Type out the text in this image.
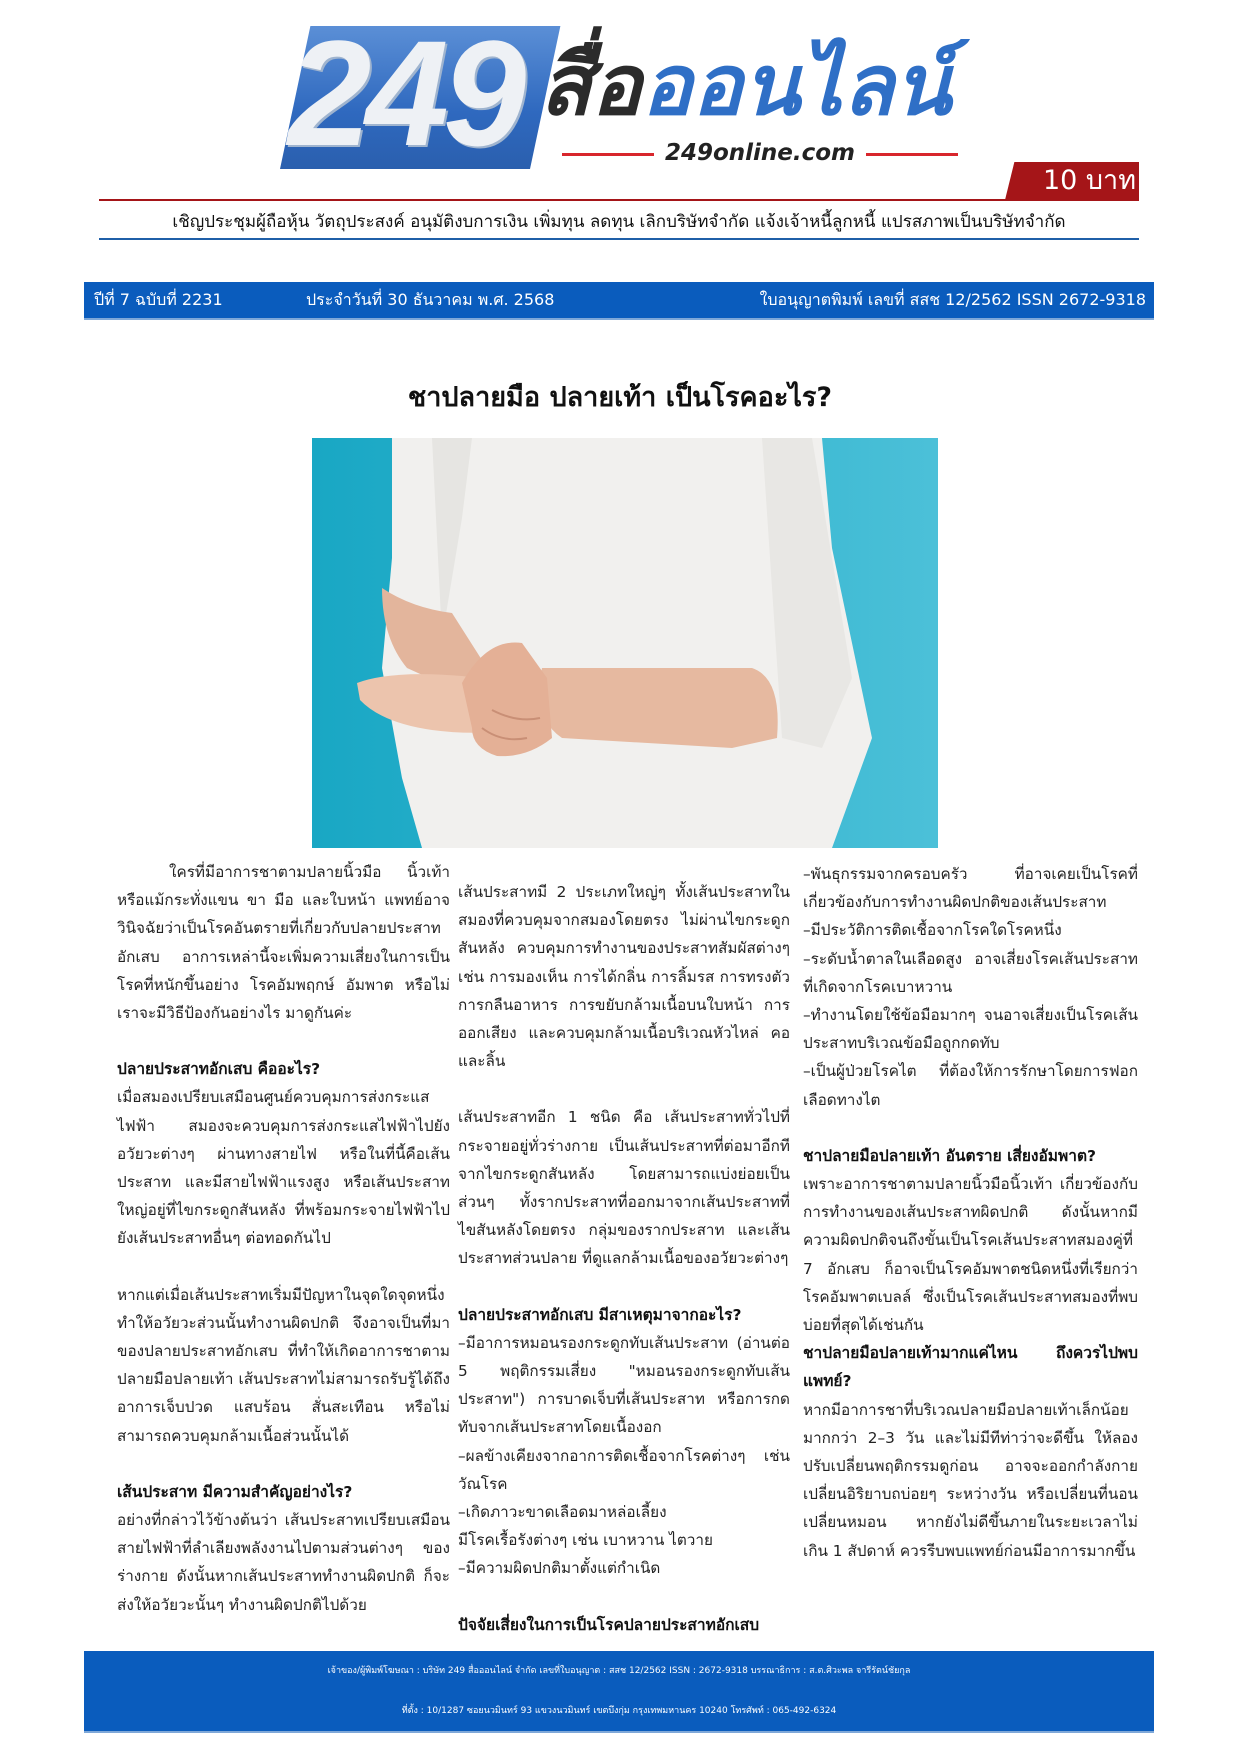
249 สื่อออนไลน์
249online.com
10 บาท
เชิญประชุมผู้ถือหุ้น วัตถุประสงค์ อนุมัติงบการเงิน เพิ่มทุน ลดทุน เลิกบริษัทจำกัด แจ้งเจ้าหนี้ลูกหนี้ แปรสภาพเป็นบริษัทจำกัด
ปีที่ 7 ฉบับที่ 2231	ประจำวันที่ 30 ธันวาคม พ.ศ. 2568	ใบอนุญาตพิมพ์ เลขที่ สสช 12/2562 ISSN 2672-9318
ชาปลายมือ ปลายเท้า เป็นโรคอะไร?

ใครที่มีอาการชาตามปลายนิ้วมือ นิ้วเท้า หรือแม้กระทั่งแขน ขา มือ และใบหน้า แพทย์อาจวินิจฉัยว่าเป็นโรคอันตรายที่เกี่ยวกับปลายประสาทอักเสบ อาการเหล่านี้จะเพิ่มความเสี่ยงในการเป็นโรคที่หนักขึ้นอย่าง โรคอัมพฤกษ์ อัมพาต หรือไม่ เราจะมีวิธีป้องกันอย่างไร มาดูกันค่ะ

ปลายประสาทอักเสบ คืออะไร?

เมื่อสมองเปรียบเสมือนศูนย์ควบคุมการส่งกระแสไฟฟ้า สมองจะควบคุมการส่งกระแสไฟฟ้าไปยังอวัยวะต่างๆ ผ่านทางสายไฟ หรือในที่นี้คือเส้นประสาท และมีสายไฟฟ้าแรงสูง หรือเส้นประสาทใหญ่อยู่ที่ไขกระดูกสันหลัง ที่พร้อมกระจายไฟฟ้าไปยังเส้นประสาทอื่นๆ ต่อทอดกันไป

หากแต่เมื่อเส้นประสาทเริ่มมีปัญหาในจุดใดจุดหนึ่ง ทำให้อวัยวะส่วนนั้นทำงานผิดปกติ จึงอาจเป็นที่มาของปลายประสาทอักเสบ ที่ทำให้เกิดอาการชาตามปลายมือปลายเท้า เส้นประสาทไม่สามารถรับรู้ได้ถึงอาการเจ็บปวด แสบร้อน สั่นสะเทือน หรือไม่สามารถควบคุมกล้ามเนื้อส่วนนั้นได้

เส้นประสาท มีความสำคัญอย่างไร?

อย่างที่กล่าวไว้ข้างต้นว่า เส้นประสาทเปรียบเสมือนสายไฟฟ้าที่ลำเลียงพลังงานไปตามส่วนต่างๆ ของร่างกาย ดังนั้นหากเส้นประสาททำงานผิดปกติ ก็จะส่งให้อวัยวะนั้นๆ ทำงานผิดปกติไปด้วย

เส้นประสาทมี 2 ประเภทใหญ่ๆ ทั้งเส้นประสาทในสมองที่ควบคุมจากสมองโดยตรง ไม่ผ่านไขกระดูกสันหลัง ควบคุมการทำงานของประสาทสัมผัสต่างๆ เช่น การมองเห็น การได้กลิ่น การลิ้มรส การทรงตัว การกลืนอาหาร การขยับกล้ามเนื้อบนใบหน้า การออกเสียง และควบคุมกล้ามเนื้อบริเวณหัวไหล่ คอ และลิ้น

เส้นประสาทอีก 1 ชนิด คือ เส้นประสาททั่วไปที่กระจายอยู่ทั่วร่างกาย เป็นเส้นประสาทที่ต่อมาอีกทีจากไขกระดูกสันหลัง โดยสามารถแบ่งย่อยเป็นส่วนๆ ทั้งรากประสาทที่ออกมาจากเส้นประสาทที่ไขสันหลังโดยตรง กลุ่มของรากประสาท และเส้นประสาทส่วนปลาย ที่ดูแลกล้ามเนื้อของอวัยวะต่างๆ

ปลายประสาทอักเสบ มีสาเหตุมาจากอะไร?

–มีอาการหมอนรองกระดูกทับเส้นประสาท (อ่านต่อ 5 พฤติกรรมเสี่ยง "หมอนรองกระดูกทับเส้นประสาท") การบาดเจ็บที่เส้นประสาท หรือการกดทับจากเส้นประสาทโดยเนื้องอก

–ผลข้างเคียงจากอาการติดเชื้อจากโรคต่างๆ เช่น วัณโรค

–เกิดภาวะขาดเลือดมาหล่อเลี้ยง

มีโรคเรื้อรังต่างๆ เช่น เบาหวาน ไตวาย

–มีความผิดปกติมาตั้งแต่กำเนิด

ปัจจัยเสี่ยงในการเป็นโรคปลายประสาทอักเสบ

–พันธุกรรมจากครอบครัว ที่อาจเคยเป็นโรคที่เกี่ยวข้องกับการทำงานผิดปกติของเส้นประสาท

–มีประวัติการติดเชื้อจากโรคใดโรคหนึ่ง

–ระดับน้ำตาลในเลือดสูง อาจเสี่ยงโรคเส้นประสาทที่เกิดจากโรคเบาหวาน

–ทำงานโดยใช้ข้อมือมากๆ จนอาจเสี่ยงเป็นโรคเส้นประสาทบริเวณข้อมือถูกกดทับ

–เป็นผู้ป่วยโรคไต ที่ต้องให้การรักษาโดยการฟอกเลือดทางไต

ชาปลายมือปลายเท้า อันตราย เสี่ยงอัมพาต?

เพราะอาการชาตามปลายนิ้วมือนิ้วเท้า เกี่ยวข้องกับการทำงานของเส้นประสาทผิดปกติ ดังนั้นหากมีความผิดปกติจนถึงขั้นเป็นโรคเส้นประสาทสมองคู่ที่ 7 อักเสบ ก็อาจเป็นโรคอัมพาตชนิดหนึ่งที่เรียกว่า โรคอัมพาตเบลล์ ซึ่งเป็นโรคเส้นประสาทสมองที่พบบ่อยที่สุดได้เช่นกัน

ชาปลายมือปลายเท้ามากแค่ไหน ถึงควรไปพบแพทย์?

หากมีอาการชาที่บริเวณปลายมือปลายเท้าเล็กน้อยมากกว่า 2–3 วัน และไม่มีทีท่าว่าจะดีขึ้น ให้ลองปรับเปลี่ยนพฤติกรรมดูก่อน อาจจะออกกำลังกาย เปลี่ยนอิริยาบถบ่อยๆ ระหว่างวัน หรือเปลี่ยนที่นอน เปลี่ยนหมอน หากยังไม่ดีขึ้นภายในระยะเวลาไม่เกิน 1 สัปดาห์ ควรรีบพบแพทย์ก่อนมีอาการมากขึ้น

เจ้าของ/ผู้พิมพ์โฆษณา : บริษัท 249 สื่อออนไลน์ จำกัด เลขที่ใบอนุญาต : สสช 12/2562 ISSN : 2672-9318 บรรณาธิการ : ส.ต.ศิวะพล จารีรัตน์ชัยกุล
ที่ตั้ง : 10/1287 ซอยนวมินทร์ 93 แขวงนวมินทร์ เขตบึงกุ่ม กรุงเทพมหานคร 10240 โทรศัพท์ : 065-492-6324
